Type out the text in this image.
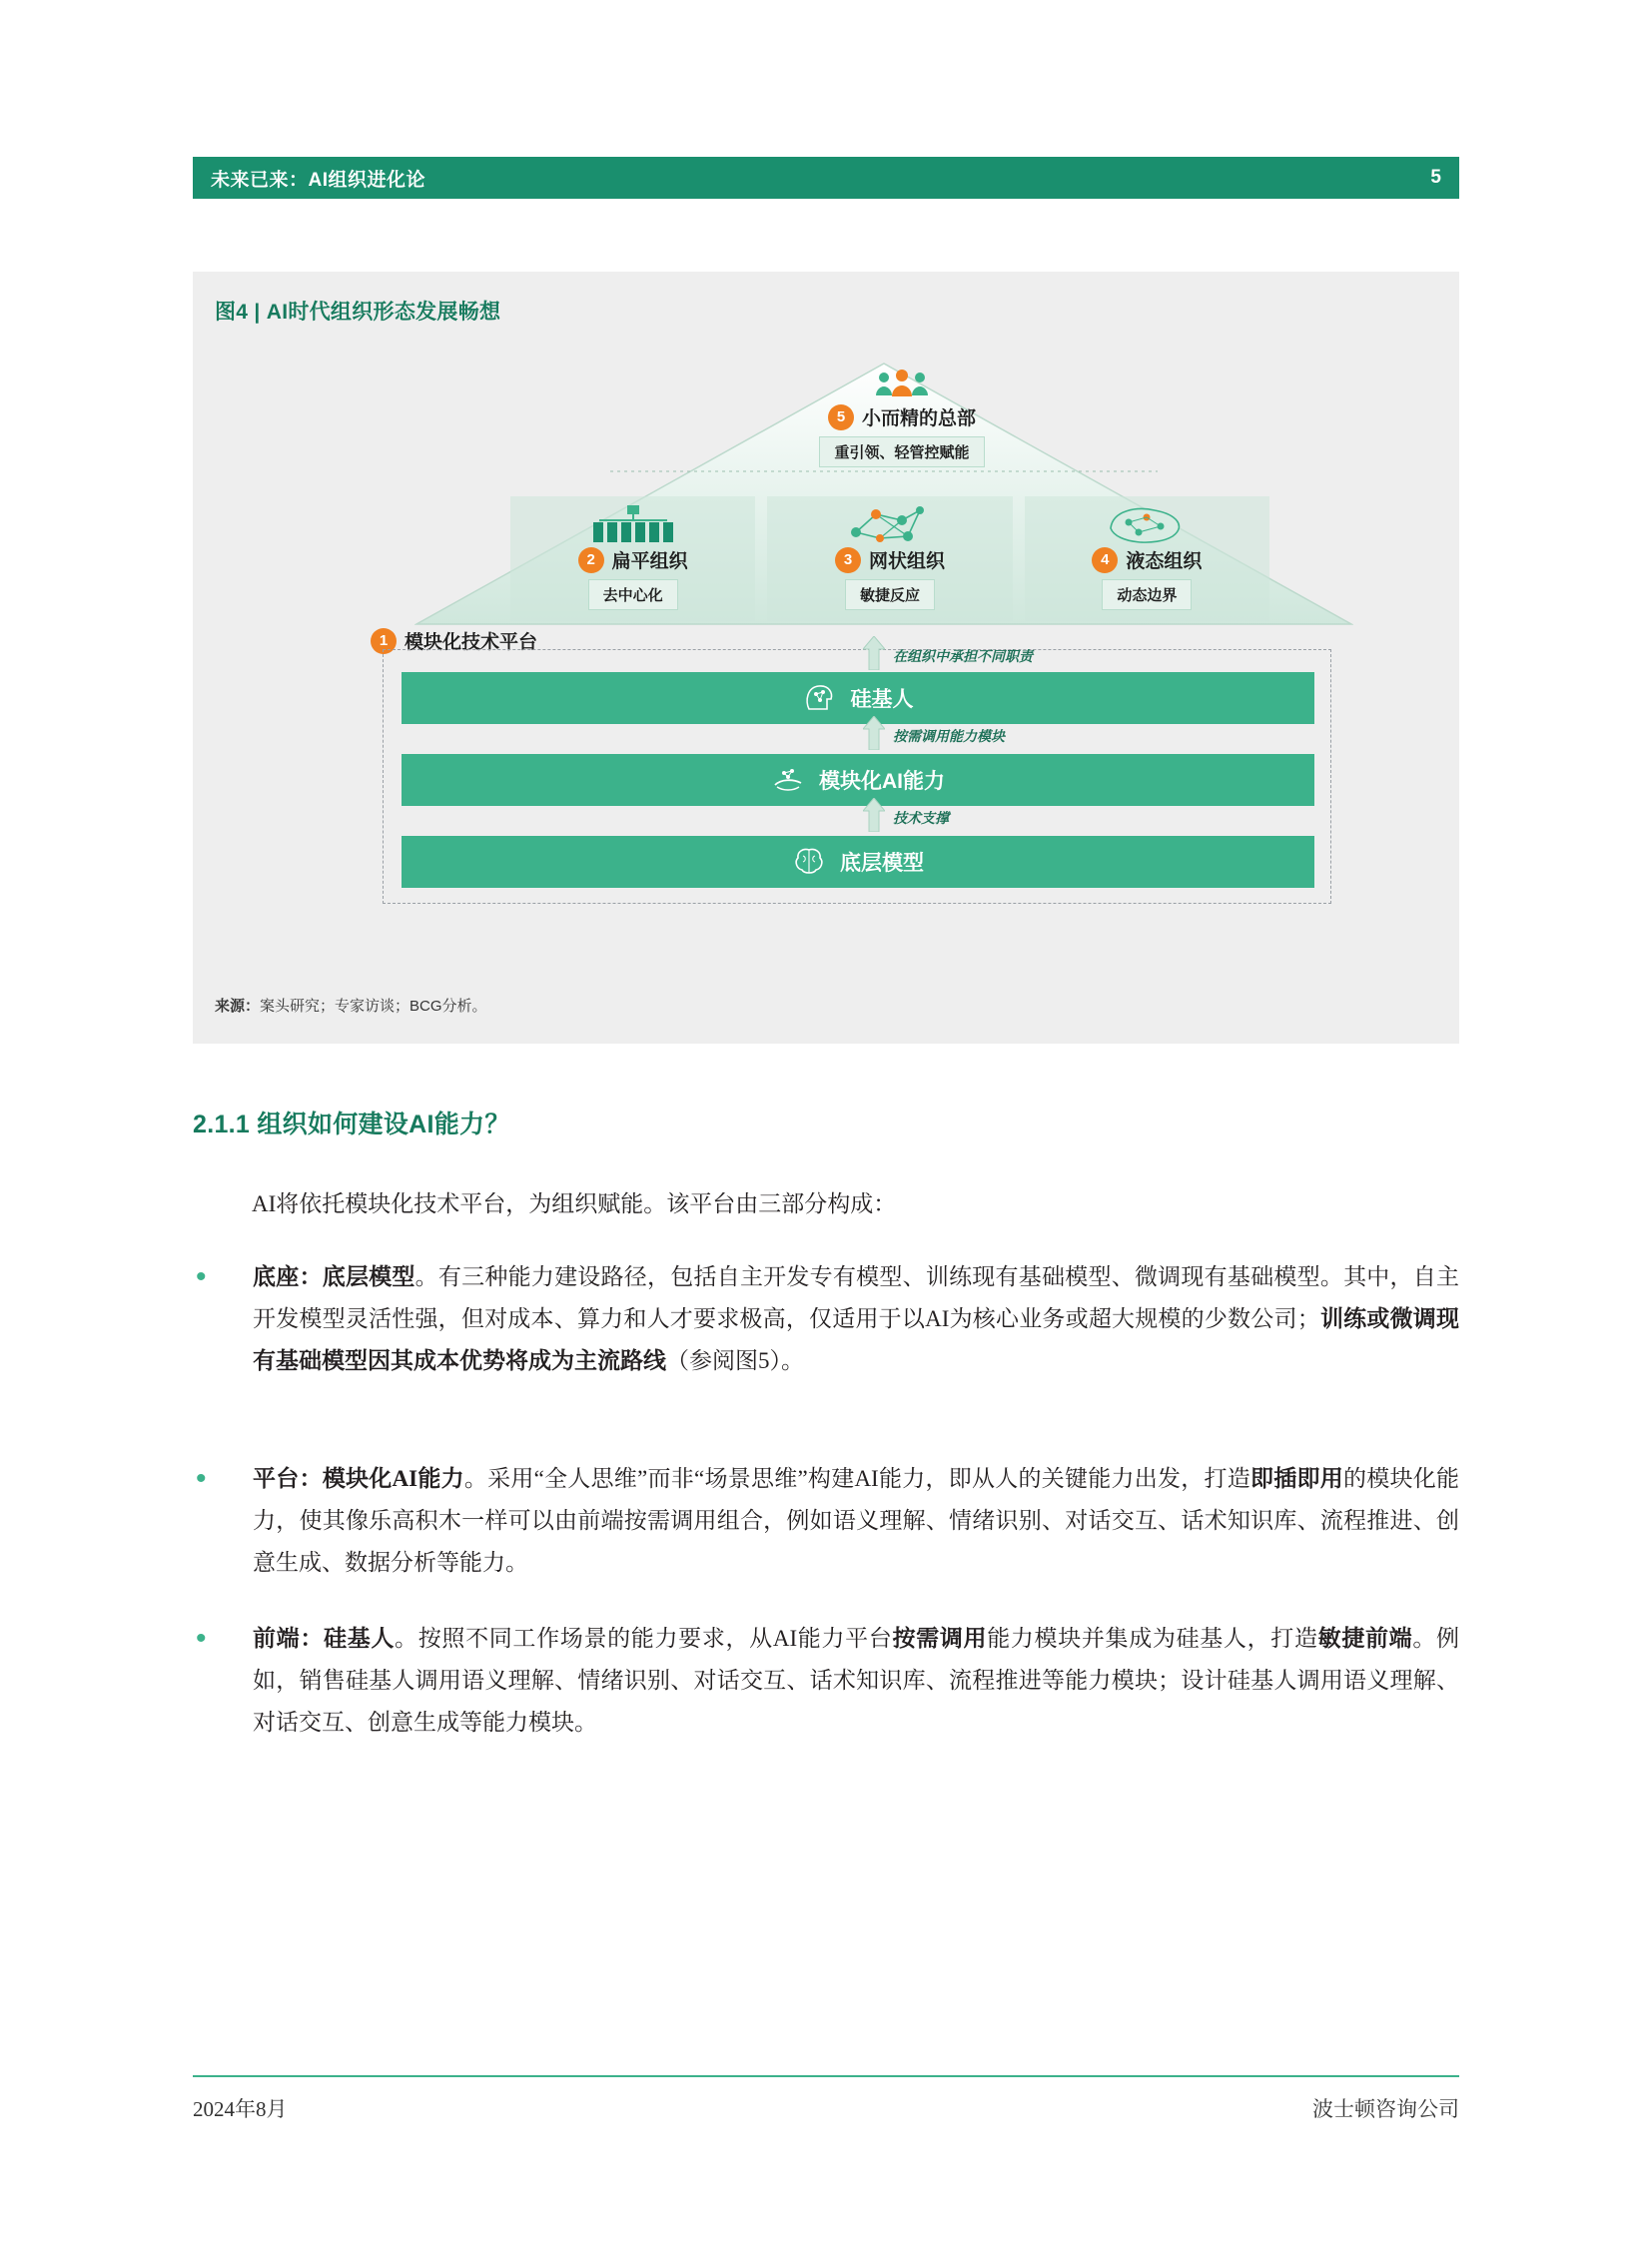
未来已来：AI组织进化论	5
图4 | AI时代组织形态发展畅想
5 小而精的总部
重引领、轻管控赋能
2 扁平组织
去中心化
3 网状组织
敏捷反应
4 液态组织
动态边界
1 模块化技术平台
硅基人
模块化AI能力
底层模型
在组织中承担不同职责
按需调用能力模块
技术支撑
来源：案头研究；专家访谈；BCG分析。
2.1.1 组织如何建设AI能力？
AI将依托模块化技术平台，为组织赋能。该平台由三部分构成：
•	底座：底层模型。有三种能力建设路径，包括自主开发专有模型、训练现有基础模型、微调现有基础模型。其中，自主开发模型灵活性强，但对成本、算力和人才要求极高，仅适用于以AI为核心业务或超大规模的少数公司；训练或微调现有基础模型因其成本优势将成为主流路线（参阅图5）。
•	平台：模块化AI能力。采用“全人思维”而非“场景思维”构建AI能力，即从人的关键能力出发，打造即插即用的模块化能力，使其像乐高积木一样可以由前端按需调用组合，例如语义理解、情绪识别、对话交互、话术知识库、流程推进、创意生成、数据分析等能力。
•	前端：硅基人。按照不同工作场景的能力要求，从AI能力平台按需调用能力模块并集成为硅基人，打造敏捷前端。例如，销售硅基人调用语义理解、情绪识别、对话交互、话术知识库、流程推进等能力模块；设计硅基人调用语义理解、对话交互、创意生成等能力模块。
2024年8月	波士顿咨询公司
